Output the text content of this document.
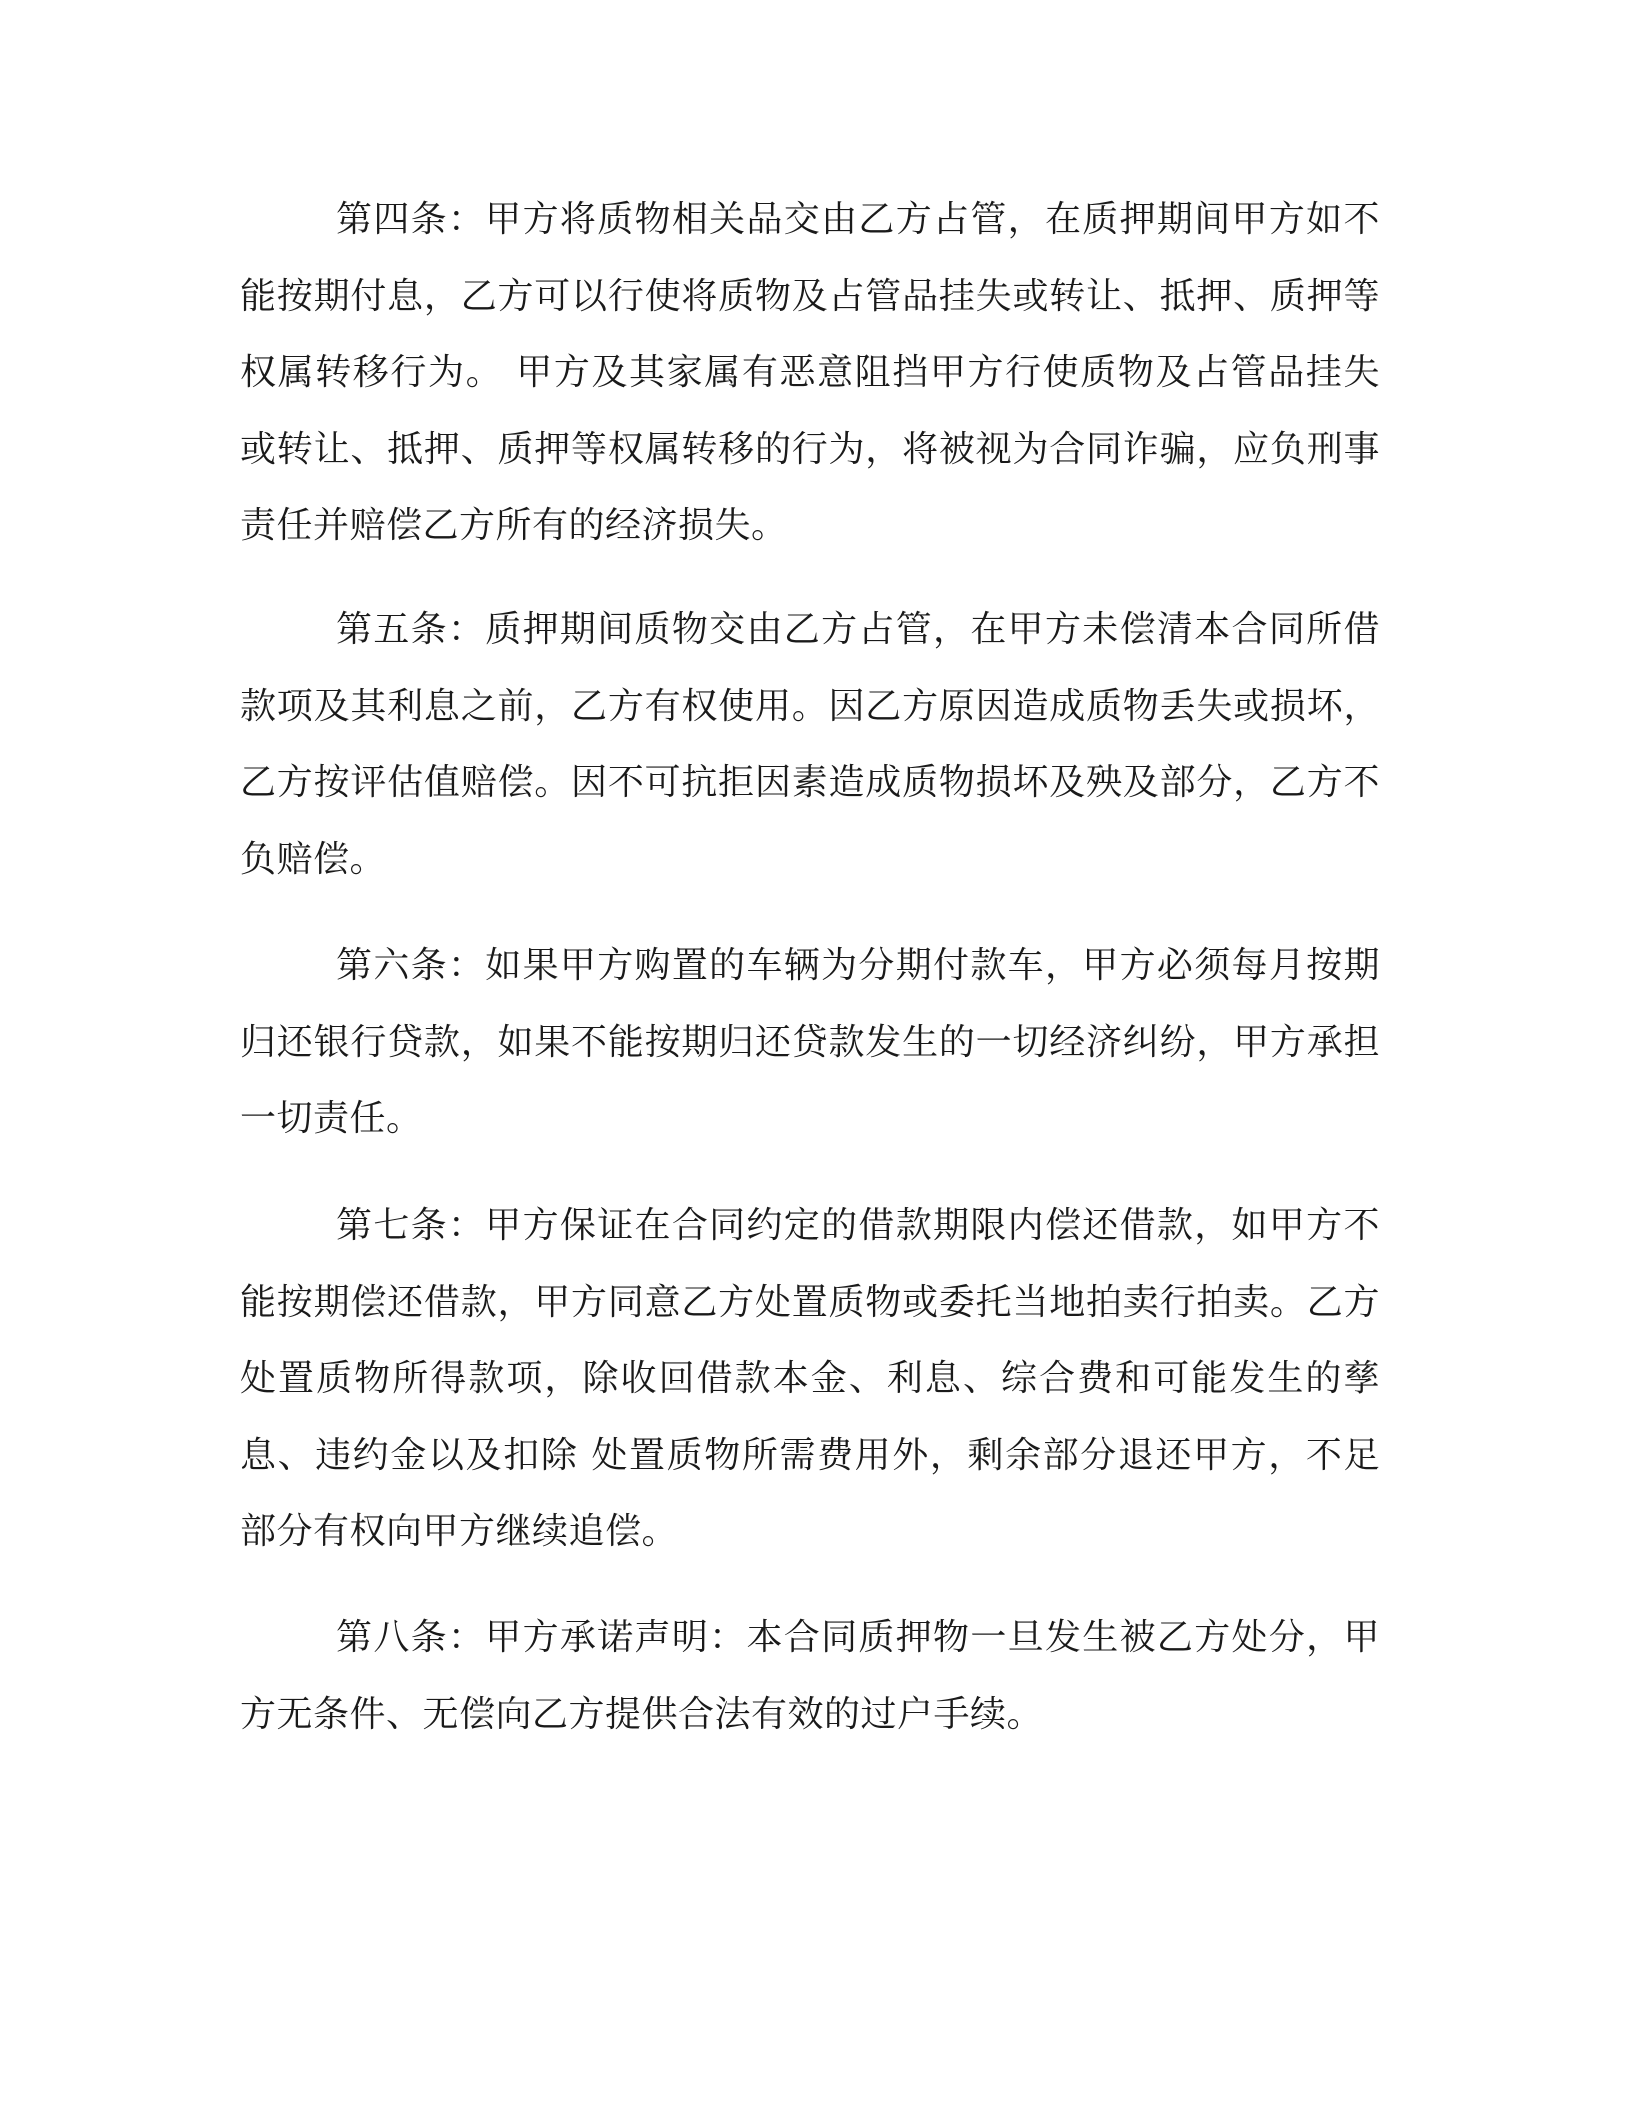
第四条：甲方将质物相关品交由乙方占管，在质押期间甲方如不能按期付息，乙方可以行使将质物及占管品挂失或转让、抵押、质押等权属转移行为。 甲方及其家属有恶意阻挡甲方行使质物及占管品挂失或转让、抵押、质押等权属转移的行为，将被视为合同诈骗，应负刑事责任并赔偿乙方所有的经济损失。

第五条：质押期间质物交由乙方占管，在甲方未偿清本合同所借款项及其利息之前，乙方有权使用。因乙方原因造成质物丢失或损坏，乙方按评估值赔偿。因不可抗拒因素造成质物损坏及殃及部分，乙方不负赔偿。

第六条：如果甲方购置的车辆为分期付款车，甲方必须每月按期归还银行贷款，如果不能按期归还贷款发生的一切经济纠纷，甲方承担一切责任。

第七条：甲方保证在合同约定的借款期限内偿还借款，如甲方不能按期偿还借款，甲方同意乙方处置质物或委托当地拍卖行拍卖。乙方处置质物所得款项，除收回借款本金、利息、综合费和可能发生的孳息、违约金以及扣除 处置质物所需费用外，剩余部分退还甲方，不足部分有权向甲方继续追偿。

第八条：甲方承诺声明：本合同质押物一旦发生被乙方处分，甲方无条件、无偿向乙方提供合法有效的过户手续。
